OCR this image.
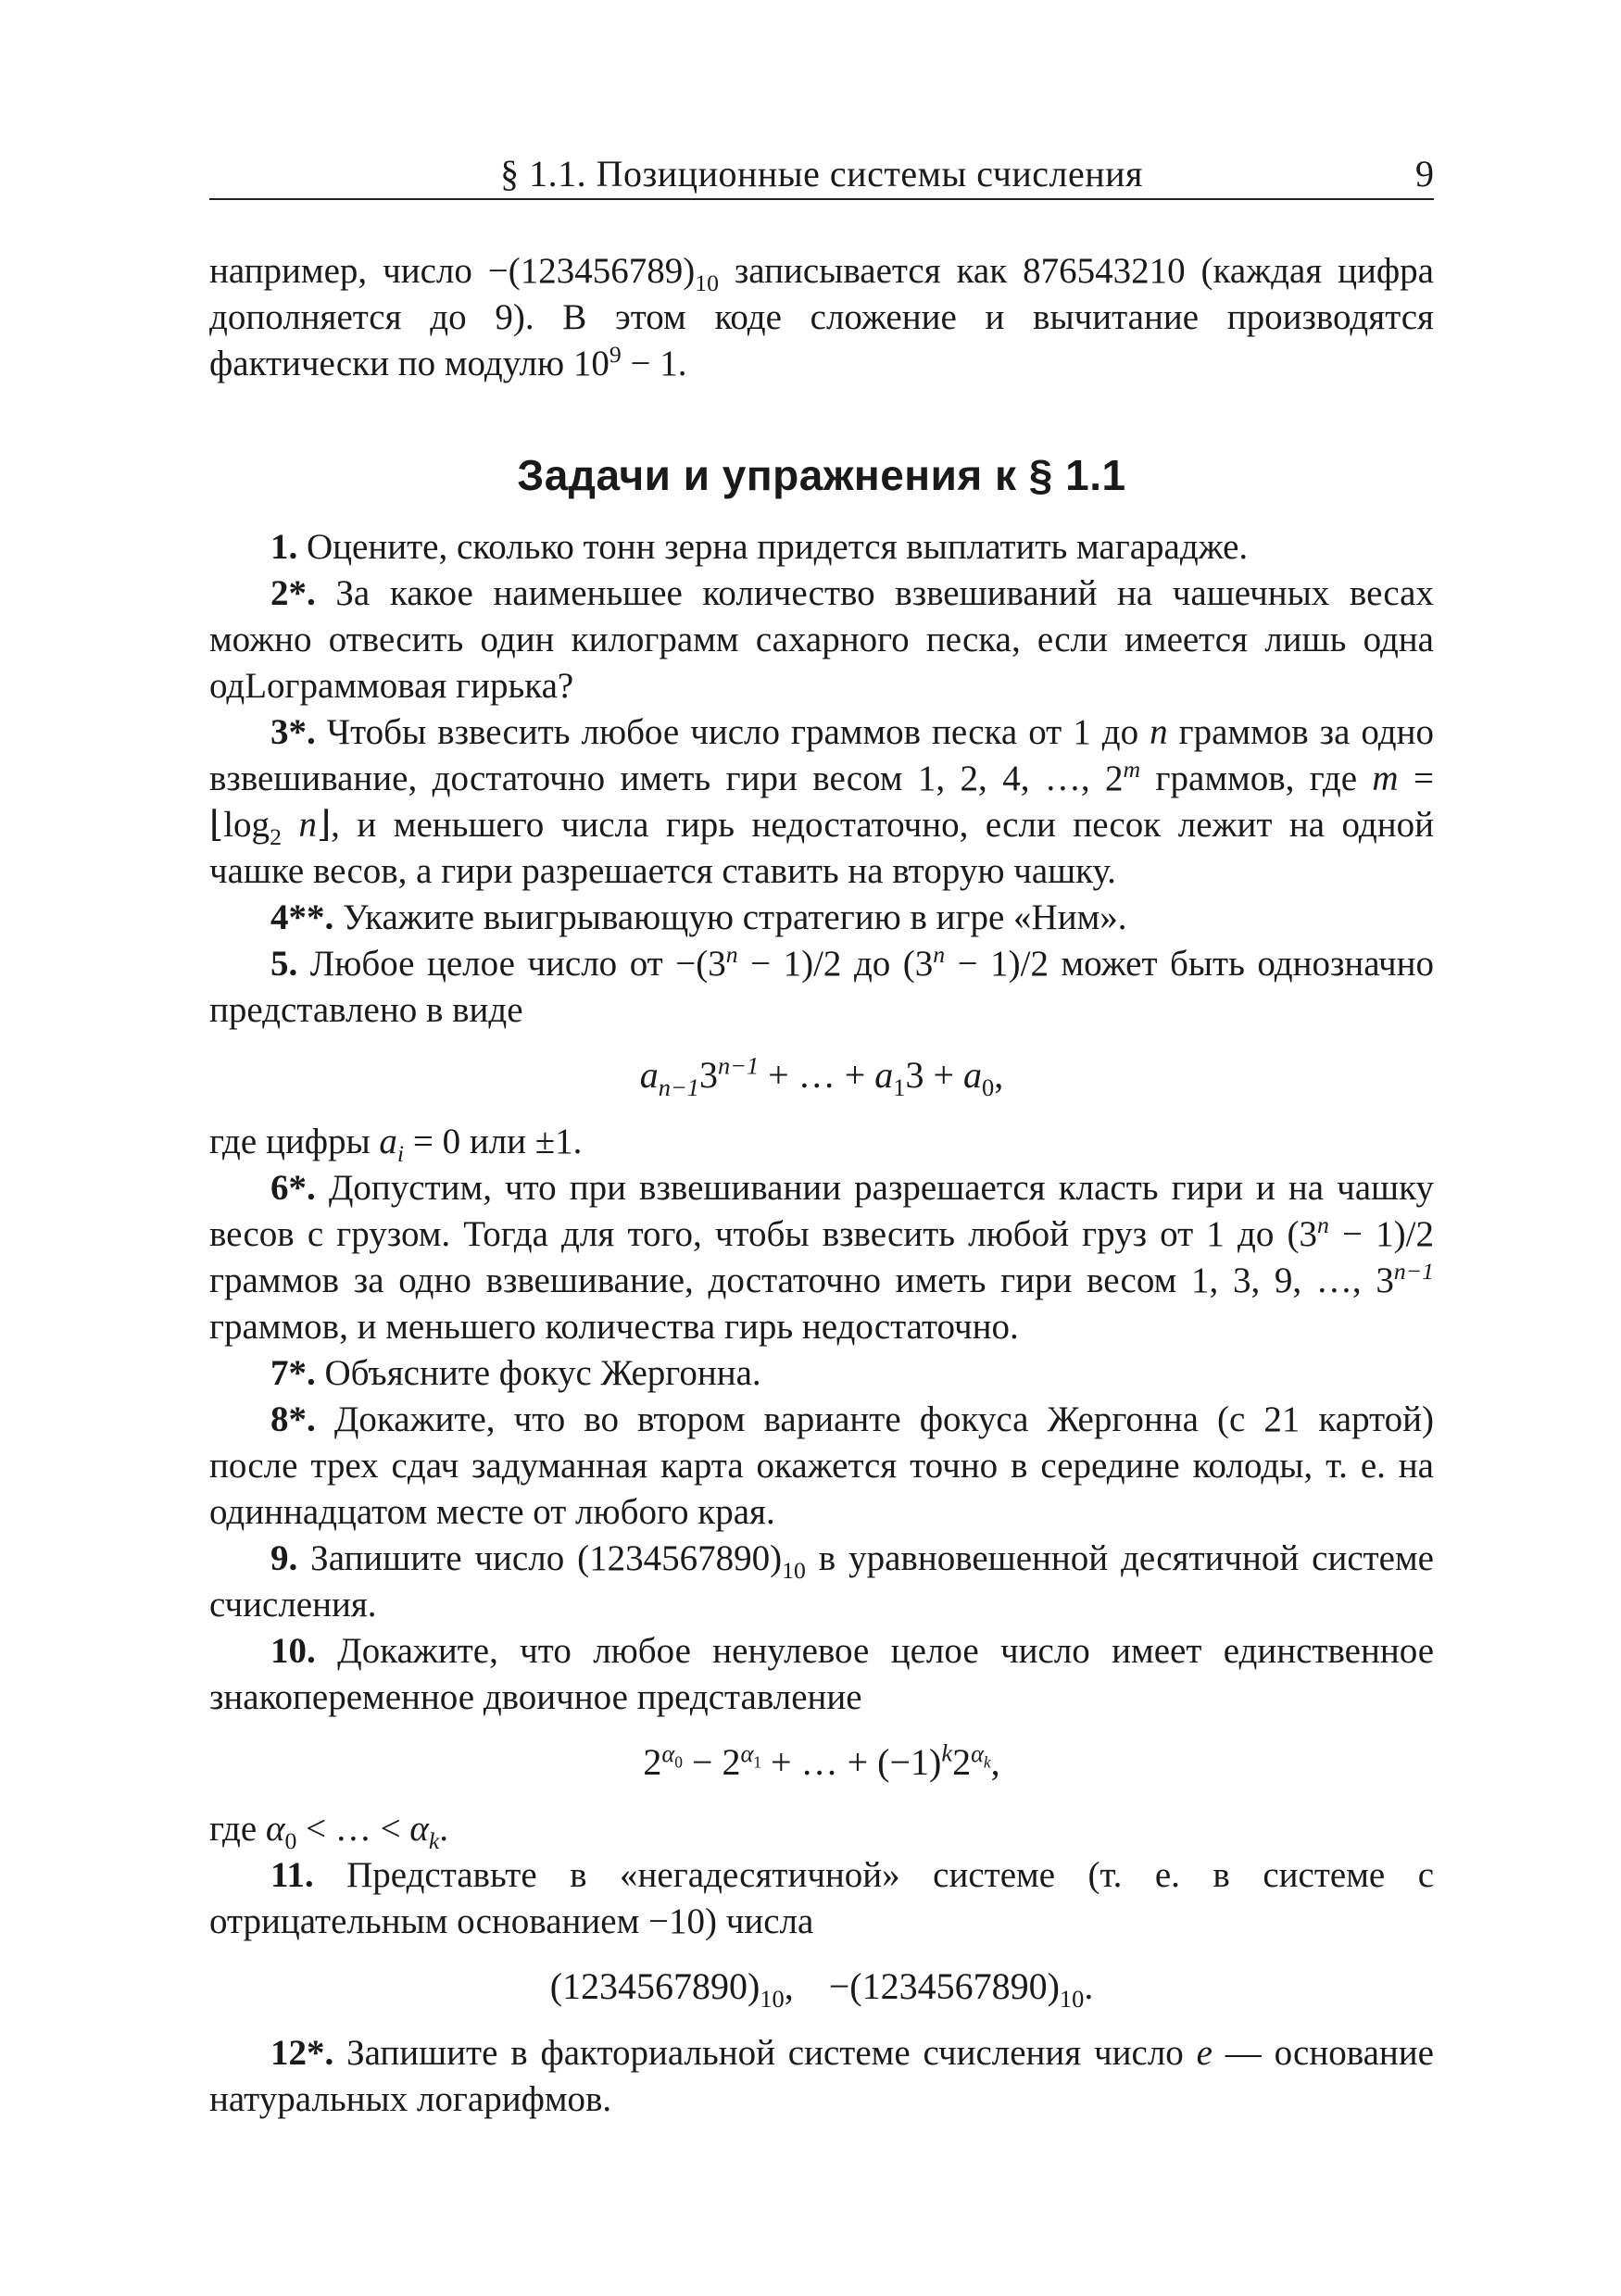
§ 1.1. Позиционные системы счисления	9

например, число $-(123456789)_{10}$ записывается как 876543210 (каждая цифра дополняется до 9). В этом коде сложение и вычитание производятся фактически по модулю $10^9 - 1$.

Задачи и упражнения к § 1.1

1. Оцените, сколько тонн зерна придется выплатить магарадже.

2*. За какое наименьшее количество взвешиваний на чашечных весах можно отвесить один килограмм сахарного песка, если имеется лишь одна одLoграммовая гирька?

3*. Чтобы взвесить любое число граммов песка от 1 до n граммов за одно взвешивание, достаточно иметь гири весом 1, 2, 4, …, 2$^m$ граммов, где $m = ⌊\log_2$ n⌋, и меньшего числа гирь недостаточно, если песок лежит на одной чашке весов, а гири разрешается ставить на вторую чашку.

4**. Укажите выигрывающую стратегию в игре «Ним».

5. Любое целое число от $-(3^n - 1)/2$ до $(3^n - 1)/2$ может быть однозначно представлено в виде

$a_{n-1}3^{n-1}$ + … + $a_13 + a_0$,

где цифры $a_i = 0$ или ±1.

6*. Допустим, что при взвешивании разрешается класть гири и на чашку весов с грузом. Тогда для того, чтобы взвесить любой груз от 1 до $(3^n - 1)/2$ граммов за одно взвешивание, достаточно иметь гири весом 1, 3, 9, …, $3^{n-1}$ граммов, и меньшего количества гирь недостаточно.

7*. Объясните фокус Жергонна.

8*. Докажите, что во втором варианте фокуса Жергонна (с 21 картой) после трех сдач задуманная карта окажется точно в середине колоды, т. е. на одиннадцатом месте от любого края.

9. Запишите число $(1234567890)_{10}$ в уравновешенной десятичной системе счисления.

10. Докажите, что любое ненулевое целое число имеет единственное знакопеременное двоичное представление

$2^{\alpha_0} - 2^{\alpha_1}$ + … + $(-1)^k2^{\alpha_k}$,

где $\alpha_0$ < … < $\alpha_k$.

11. Представьте в «негадесятичной» системе (т. е. в системе с отрицательным основанием −10) числа

$(1234567890)_{10}$, $-(1234567890)_{10}$.

12*. Запишите в факториальной системе счисления число e — основание натуральных логарифмов.
